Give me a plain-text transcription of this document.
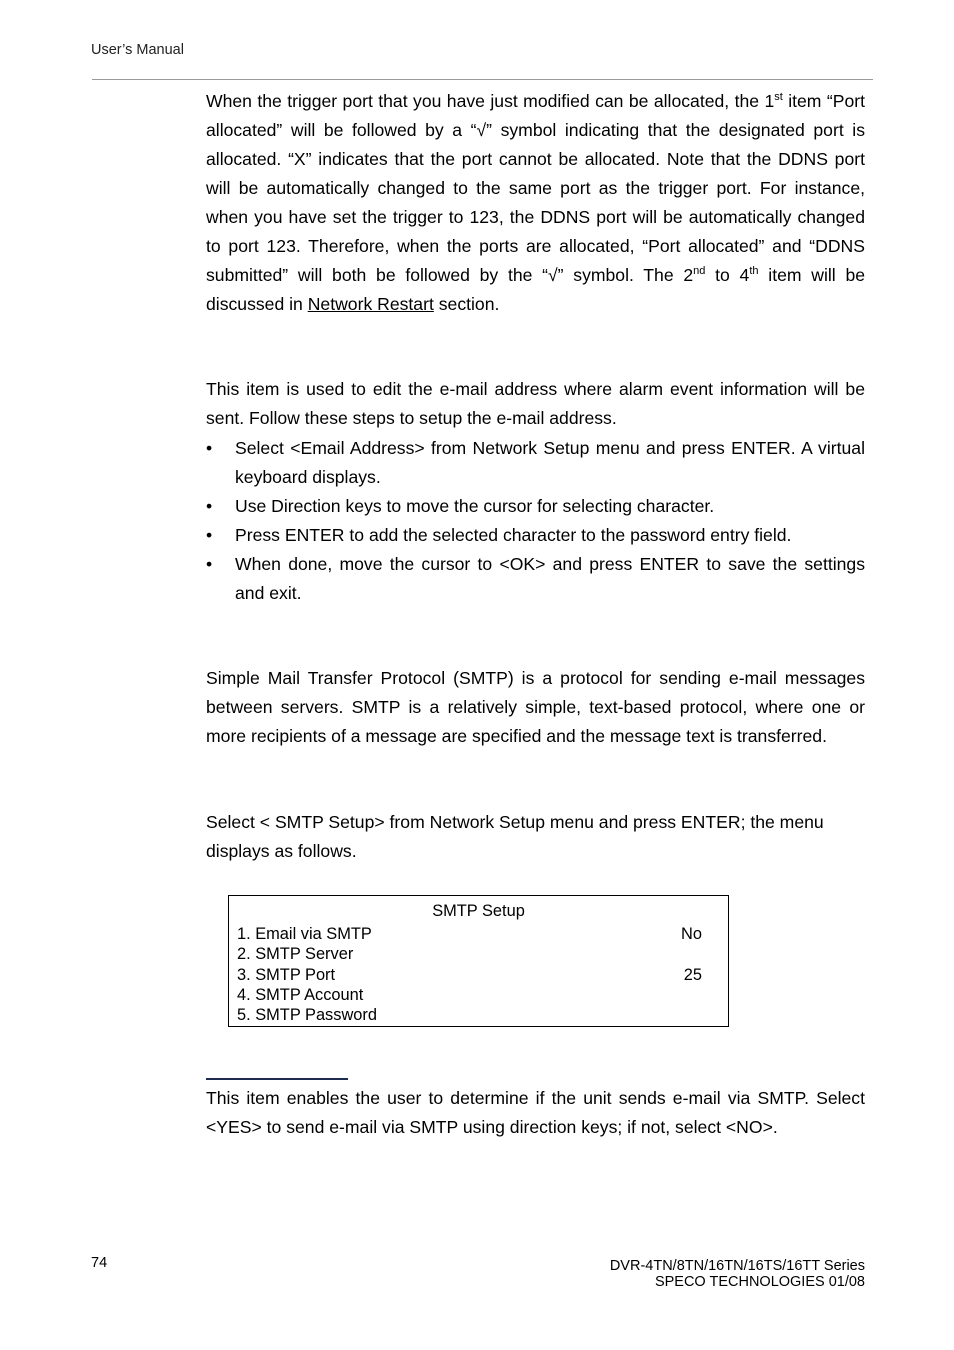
User’s Manual

When the trigger port that you have just modified can be allocated, the 1st item “Port allocated” will be followed by a “√” symbol indicating that the designated port is allocated. “X” indicates that the port cannot be allocated. Note that the DDNS port will be automatically changed to the same port as the trigger port. For instance, when you have set the trigger to 123, the DDNS port will be automatically changed to port 123. Therefore, when the ports are allocated, “Port allocated” and “DDNS submitted” will both be followed by the “√” symbol. The 2nd to 4th item will be discussed in Network Restart section.

This item is used to edit the e-mail address where alarm event information will be sent. Follow these steps to setup the e-mail address.

• Select <Email Address> from Network Setup menu and press ENTER. A virtual keyboard displays.
• Use Direction keys to move the cursor for selecting character.
• Press ENTER to add the selected character to the password entry field.
• When done, move the cursor to <OK> and press ENTER to save the settings and exit.

Simple Mail Transfer Protocol (SMTP) is a protocol for sending e-mail messages between servers. SMTP is a relatively simple, text-based protocol, where one or more recipients of a message are specified and the message text is transferred.

Select < SMTP Setup> from Network Setup menu and press ENTER; the menu displays as follows.

SMTP Setup
1. Email via SMTP	No
2. SMTP Server
3. SMTP Port	25
4. SMTP Account
5. SMTP Password

This item enables the user to determine if the unit sends e-mail via SMTP. Select <YES> to send e-mail via SMTP using direction keys; if not, select <NO>.

74	DVR-4TN/8TN/16TN/16TS/16TT Series
SPECO TECHNOLOGIES 01/08
